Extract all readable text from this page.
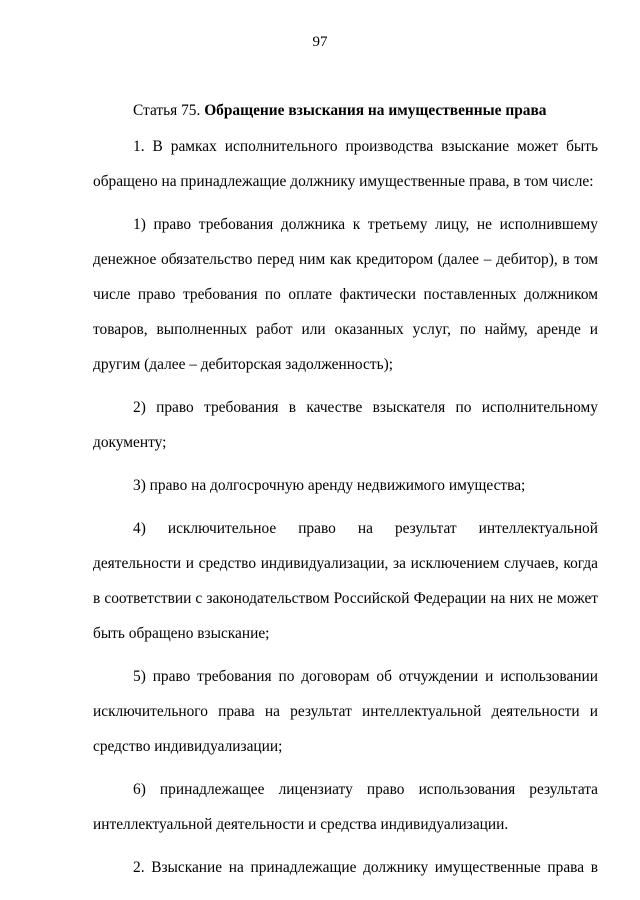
97

Статья 75. Обращение взыскания на имущественные права

1. В рамках исполнительного производства взыскание может быть обращено на принадлежащие должнику имущественные права, в том числе:

1) право требования должника к третьему лицу, не исполнившему денежное обязательство перед ним как кредитором (далее – дебитор), в том числе право требования по оплате фактически поставленных должником товаров, выполненных работ или оказанных услуг, по найму, аренде и другим (далее – дебиторская задолженность);

2) право требования в качестве взыскателя по исполнительному документу;

3) право на долгосрочную аренду недвижимого имущества;

4) исключительное право на результат интеллектуальной деятельности и средство индивидуализации, за исключением случаев, когда в соответствии с законодательством Российской Федерации на них не может быть обращено взыскание;

5) право требования по договорам об отчуждении и использовании исключительного права на результат интеллектуальной деятельности и средство индивидуализации;

6) принадлежащее лицензиату право использования результата интеллектуальной деятельности и средства индивидуализации.

2. Взыскание на принадлежащие должнику имущественные права в
